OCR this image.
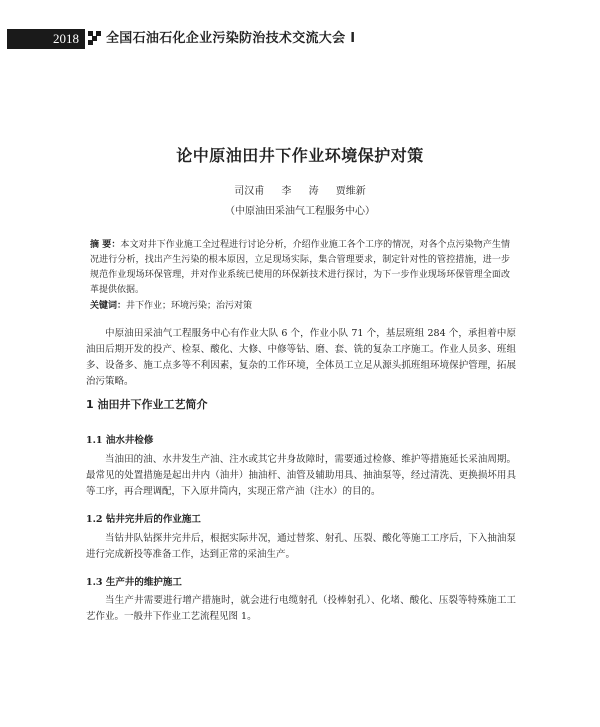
2018	全国石油石化企业污染防治技术交流大会 I
论中原油田井下作业环境保护对策
司汉甫 李 涛 贾维新
（中原油田采油气工程服务中心）
摘 要：本文对井下作业施工全过程进行讨论分析，介绍作业施工各个工序的情况，对各个点污染物产生情况进行分析，找出产生污染的根本原因，立足现场实际，集合管理要求，制定针对性的管控措施，进一步规范作业现场环保管理，并对作业系统已使用的环保新技术进行探讨，为下一步作业现场环保管理全面改革提供依据。
关键词：井下作业；环境污染；治污对策
中原油田采油气工程服务中心有作业大队 6 个，作业小队 71 个，基层班组 284 个，承担着中原油田后期开发的投产、检泵、酸化、大修、中修等钻、磨、套、铣的复杂工序施工。作业人员多、班组多、设备多、施工点多等不利因素，复杂的工作环境，全体员工立足从源头抓班组环境保护管理，拓展治污策略。
1 油田井下作业工艺简介
1.1 油水井检修
当油田的油、水井发生产油、注水或其它井身故障时，需要通过检修、维护等措施延长采油周期。最常见的处置措施是起出井内（油井）抽油杆、油管及辅助用具、抽油泵等，经过清洗、更换损坏用具等工序，再合理调配，下入原井筒内，实现正常产油（注水）的目的。
1.2 钻井完井后的作业施工
当钻井队钻探井完井后，根据实际井况，通过替浆、射孔、压裂、酸化等施工工序后，下入抽油泵进行完成新投等准备工作，达到正常的采油生产。
1.3 生产井的维护施工
当生产井需要进行增产措施时，就会进行电缆射孔（投棒射孔）、化堵、酸化、压裂等特殊施工工艺作业。一般井下作业工艺流程见图 1。
